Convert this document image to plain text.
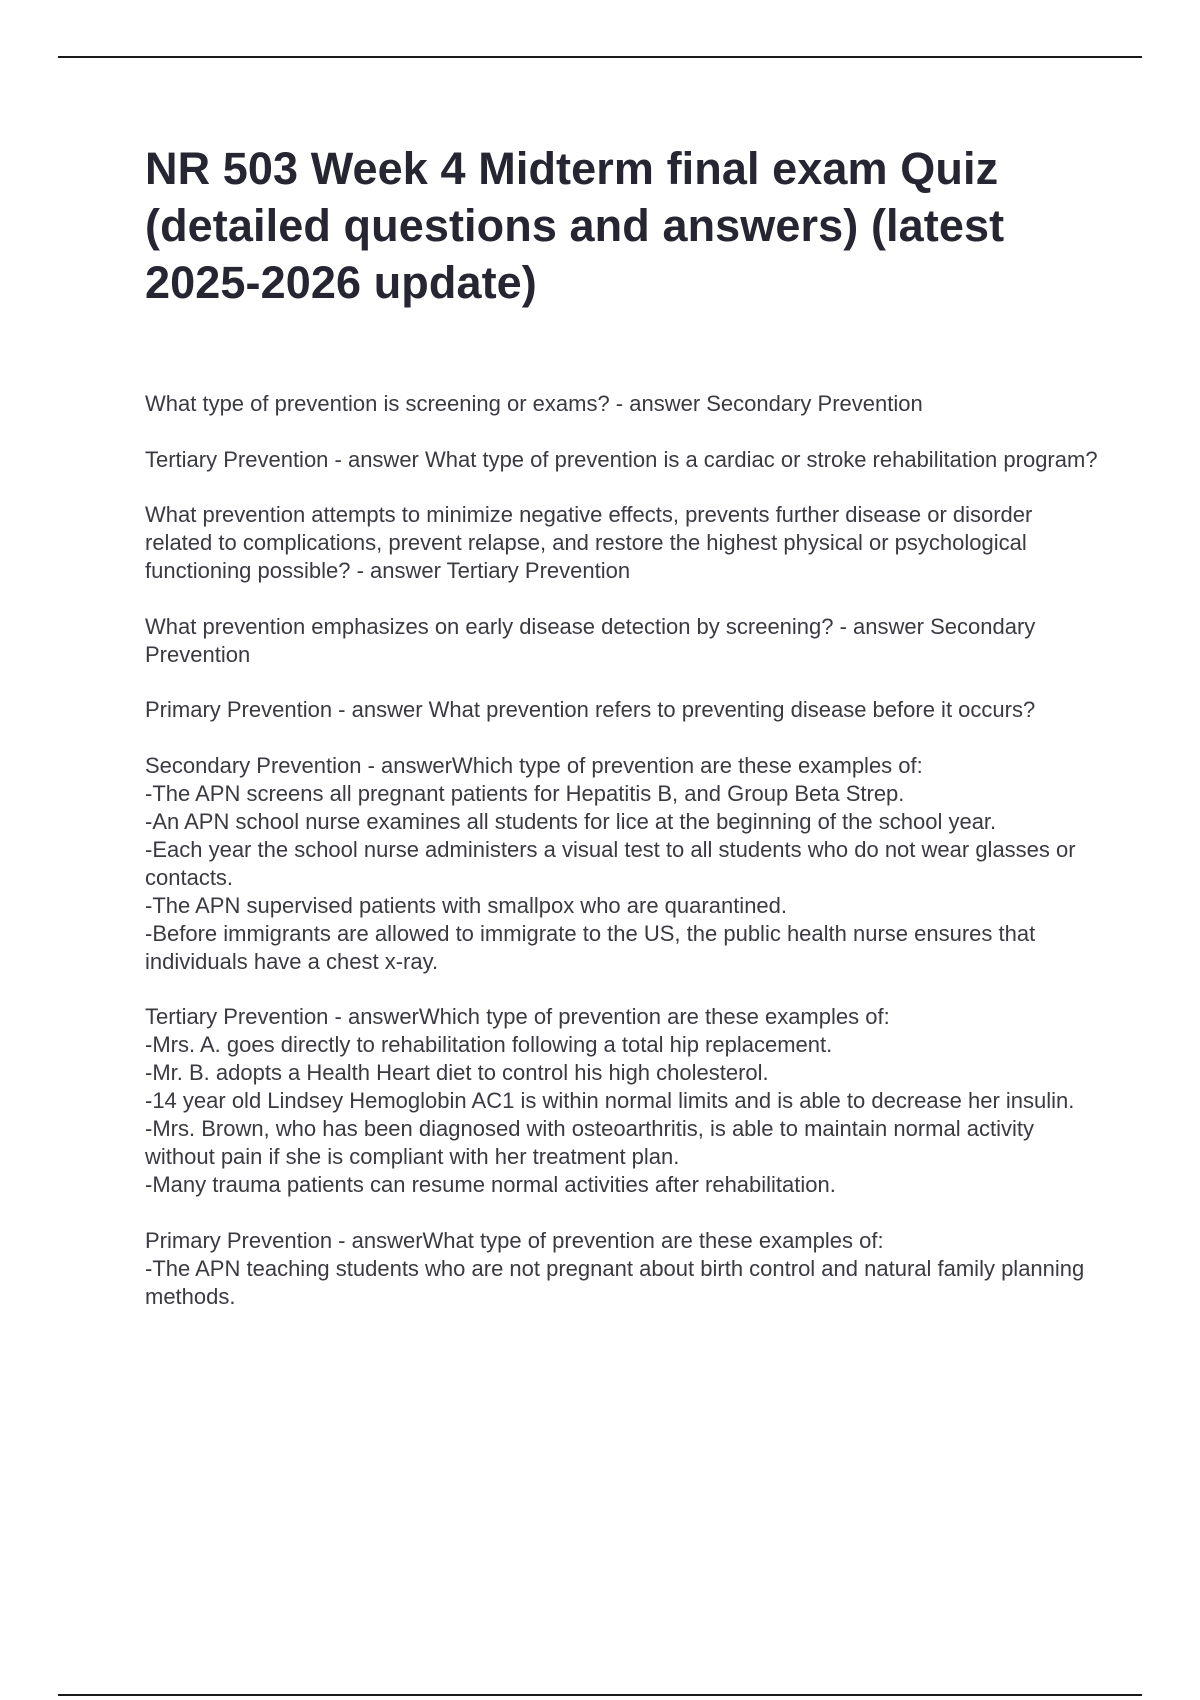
NR 503 Week 4 Midterm final exam Quiz (detailed questions and answers) (latest 2025-2026 update)

What type of prevention is screening or exams? - answer Secondary Prevention

Tertiary Prevention - answer What type of prevention is a cardiac or stroke rehabilitation program?

What prevention attempts to minimize negative effects, prevents further disease or disorder related to complications, prevent relapse, and restore the highest physical or psychological functioning possible? - answer Tertiary Prevention

What prevention emphasizes on early disease detection by screening? - answer Secondary Prevention

Primary Prevention - answer What prevention refers to preventing disease before it occurs?

Secondary Prevention - answerWhich type of prevention are these examples of:
-The APN screens all pregnant patients for Hepatitis B, and Group Beta Strep.
-An APN school nurse examines all students for lice at the beginning of the school year.
-Each year the school nurse administers a visual test to all students who do not wear glasses or contacts.
-The APN supervised patients with smallpox who are quarantined.
-Before immigrants are allowed to immigrate to the US, the public health nurse ensures that individuals have a chest x-ray.

Tertiary Prevention - answerWhich type of prevention are these examples of:
-Mrs. A. goes directly to rehabilitation following a total hip replacement.
-Mr. B. adopts a Health Heart diet to control his high cholesterol.
-14 year old Lindsey Hemoglobin AC1 is within normal limits and is able to decrease her insulin.
-Mrs. Brown, who has been diagnosed with osteoarthritis, is able to maintain normal activity without pain if she is compliant with her treatment plan.
-Many trauma patients can resume normal activities after rehabilitation.

Primary Prevention - answerWhat type of prevention are these examples of:
-The APN teaching students who are not pregnant about birth control and natural family planning methods.
